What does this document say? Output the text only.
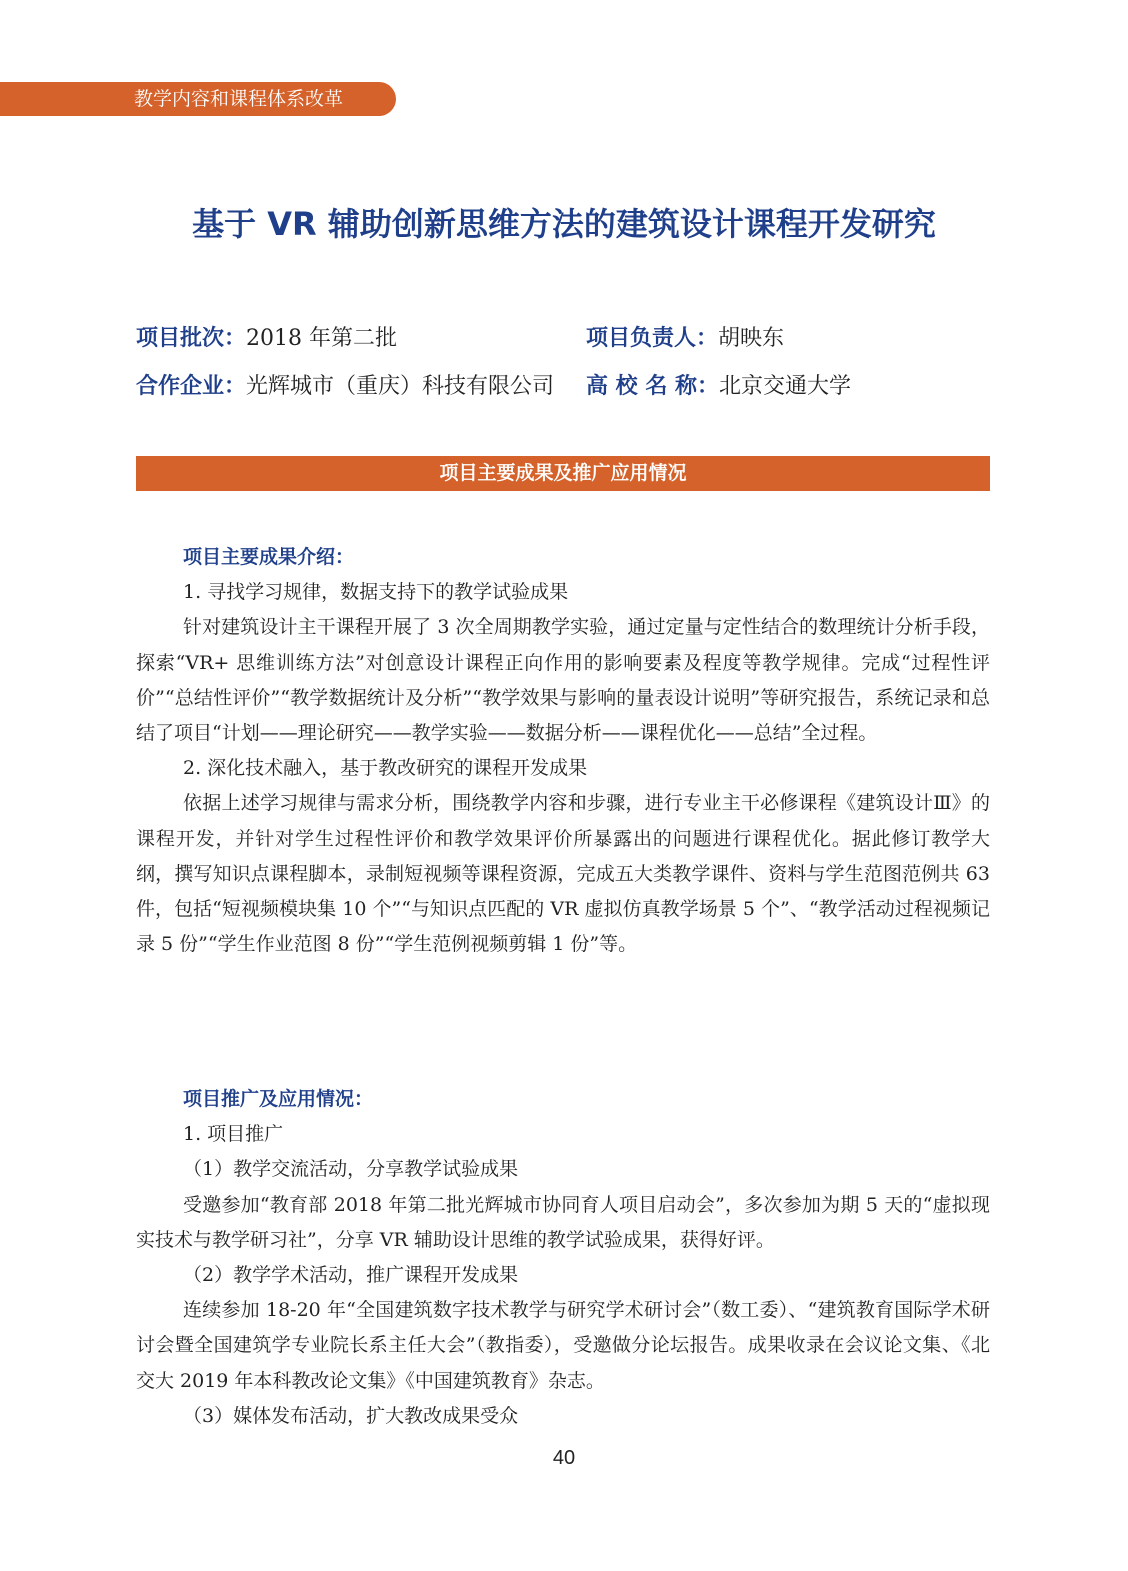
教学内容和课程体系改革
基于 VR 辅助创新思维方法的建筑设计课程开发研究
项目批次： 2018 年第二批	项目负责人： 胡映东
合作企业： 光辉城市（重庆）科技有限公司 高 校 名 称： 北京交通大学
项目主要成果及推广应用情况

项目主要成果介绍：

1. 寻找学习规律，数据支持下的教学试验成果

针对建筑设计主干课程开展了 3 次全周期教学实验，通过定量与定性结合的数理统计分析手段，探索“VR+ 思维训练方法”对创意设计课程正向作用的影响要素及程度等教学规律。完成“过程性评价”“总结性评价”“教学数据统计及分析”“教学效果与影响的量表设计说明”等研究报告，系统记录和总结了项目“计划——理论研究——教学实验——数据分析——课程优化——总结”全过程。

2. 深化技术融入，基于教改研究的课程开发成果

依据上述学习规律与需求分析，围绕教学内容和步骤，进行专业主干必修课程《建筑设计Ⅲ》的课程开发，并针对学生过程性评价和教学效果评价所暴露出的问题进行课程优化。据此修订教学大纲，撰写知识点课程脚本，录制短视频等课程资源，完成五大类教学课件、资料与学生范图范例共 63 件，包括“短视频模块集 10 个”“与知识点匹配的 VR 虚拟仿真教学场景 5 个”、“教学活动过程视频记录 5 份”“学生作业范图 8 份”“学生范例视频剪辑 1 份”等。

项目推广及应用情况：

1. 项目推广

（1）教学交流活动，分享教学试验成果

受邀参加“教育部 2018 年第二批光辉城市协同育人项目启动会”，多次参加为期 5 天的“虚拟现实技术与教学研习社”，分享 VR 辅助设计思维的教学试验成果，获得好评。

（2）教学学术活动，推广课程开发成果

连续参加 18-20 年“全国建筑数字技术教学与研究学术研讨会”（数工委）、“建筑教育国际学术研讨会暨全国建筑学专业院长系主任大会”（教指委），受邀做分论坛报告。成果收录在会议论文集、《北交大 2019 年本科教改论文集》《中国建筑教育》杂志。

（3）媒体发布活动，扩大教改成果受众

40
